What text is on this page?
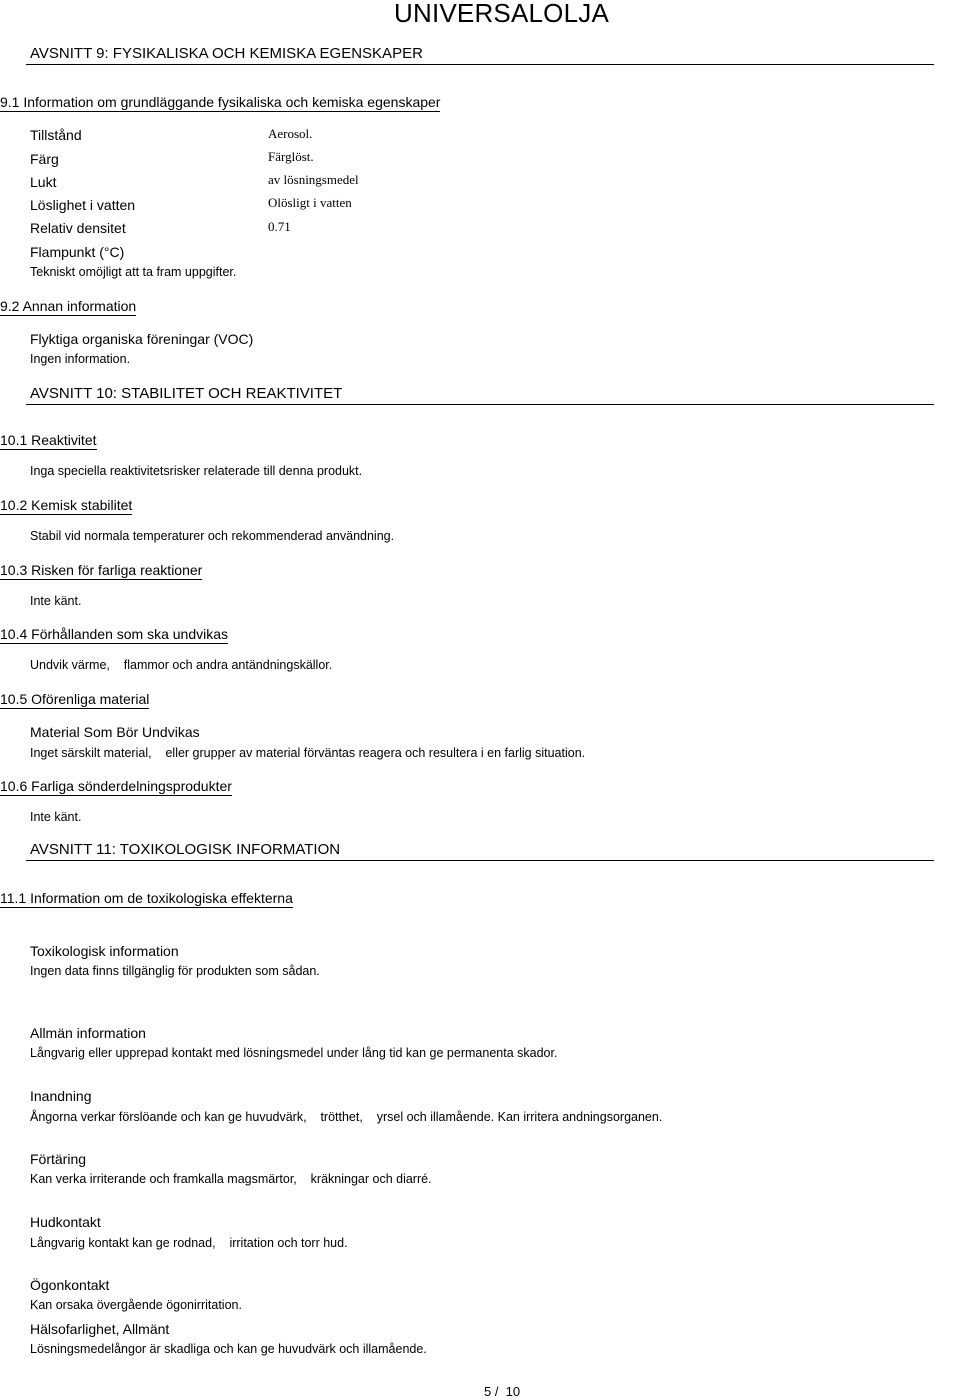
UNIVERSALOLJA
AVSNITT 9: FYSIKALISKA OCH KEMISKA EGENSKAPER
9.1 Information om grundläggande fysikaliska och kemiska egenskaper
Tillstånd	Aerosol.
Färg	Färglöst.
Lukt	av lösningsmedel
Löslighet i vatten	Olösligt i vatten
Relativ densitet	0.71
Flampunkt (°C)
Tekniskt omöjligt att ta fram uppgifter.
9.2 Annan information
Flyktiga organiska föreningar (VOC)
Ingen information.
AVSNITT 10: STABILITET OCH REAKTIVITET
10.1 Reaktivitet
Inga speciella reaktivitetsrisker relaterade till denna produkt.
10.2 Kemisk stabilitet
Stabil vid normala temperaturer och rekommenderad användning.
10.3 Risken för farliga reaktioner
Inte känt.
10.4 Förhållanden som ska undvikas
Undvik värme,    flammor och andra antändningskällor.
10.5 Oförenliga material
Material Som Bör Undvikas
Inget särskilt material,    eller grupper av material förväntas reagera och resultera i en farlig situation.
10.6 Farliga sönderdelningsprodukter
Inte känt.
AVSNITT 11: TOXIKOLOGISK INFORMATION
11.1 Information om de toxikologiska effekterna
Toxikologisk information
Ingen data finns tillgänglig för produkten som sådan.
Allmän information
Långvarig eller upprepad kontakt med lösningsmedel under lång tid kan ge permanenta skador.
Inandning
Ångorna verkar förslöande och kan ge huvudvärk,    trötthet,    yrsel och illamående. Kan irritera andningsorganen.
Förtäring
Kan verka irriterande och framkalla magsmärtor,    kräkningar och diarré.
Hudkontakt
Långvarig kontakt kan ge rodnad,    irritation och torr hud.
Ögonkontakt
Kan orsaka övergående ögonirritation.
Hälsofarlighet, Allmänt
Lösningsmedelångor är skadliga och kan ge huvudvärk och illamående.
5 /  10
